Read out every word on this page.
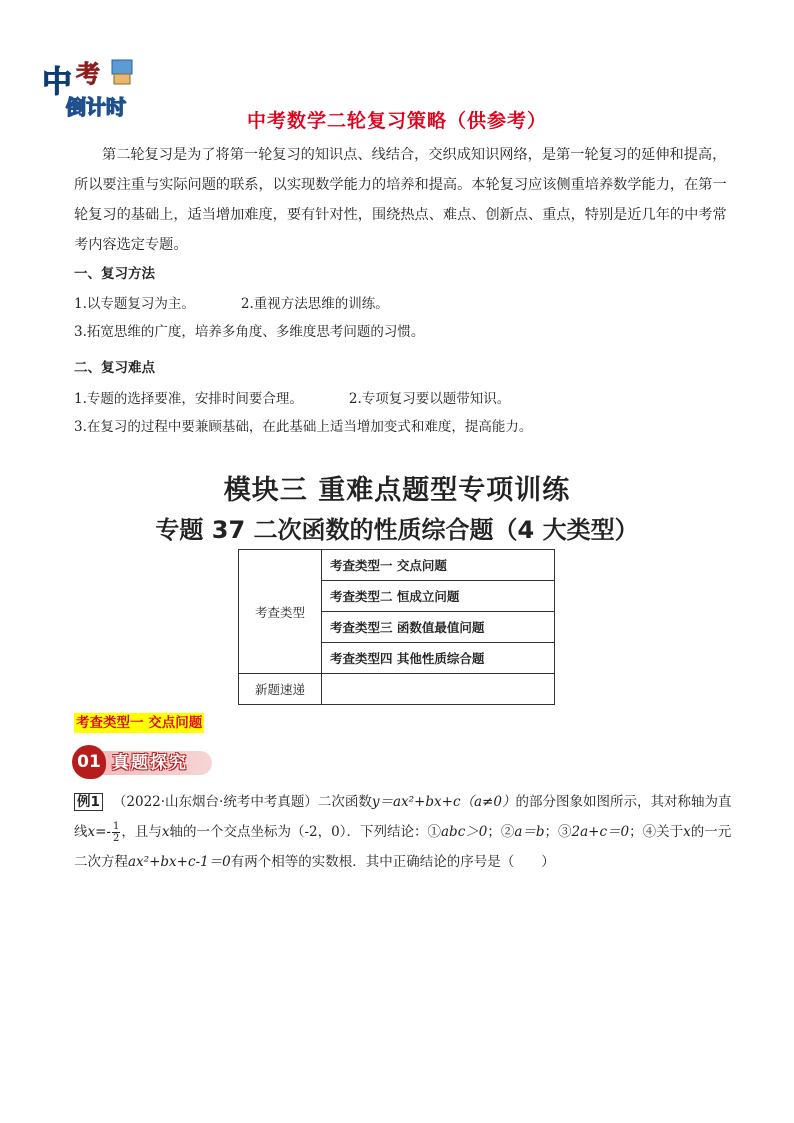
中 考
倒计时
中考数学二轮复习策略（供参考）
第二轮复习是为了将第一轮复习的知识点、线结合，交织成知识网络，是第一轮复习的延伸和提高，所以要注重与实际问题的联系，以实现数学能力的培养和提高。本轮复习应该侧重培养数学能力，在第一轮复习的基础上，适当增加难度，要有针对性，围绕热点、难点、创新点、重点，特别是近几年的中考常考内容选定专题。
一、复习方法
1.以专题复习为主。	2.重视方法思维的训练。
3.拓宽思维的广度，培养多角度、多维度思考问题的习惯。
二、复习难点
1.专题的选择要准，安排时间要合理。	2.专项复习要以题带知识。
3.在复习的过程中要兼顾基础，在此基础上适当增加变式和难度，提高能力。
模块三 重难点题型专项训练
专题 37 二次函数的性质综合题（4 大类型）
考查类型	考查类型一 交点问题
	考查类型二 恒成立问题
	考查类型三 函数值最值问题
	考查类型四 其他性质综合题
新题速递	
考查类型一 交点问题
01 真题探究
例1 （2022·山东烟台·统考中考真题）二次函数y＝ax²+bx+c（a≠0）的部分图象如图所示，其对称轴为直线$x=- \frac{1}{2}$ ，且与x轴的一个交点坐标为（-2，0）．下列结论：①abc＞0；②a＝b；③2a+c＝0；④关于x的一元二次方程ax²+bx+c-1＝0有两个相等的实数根．其中正确结论的序号是（　　）
